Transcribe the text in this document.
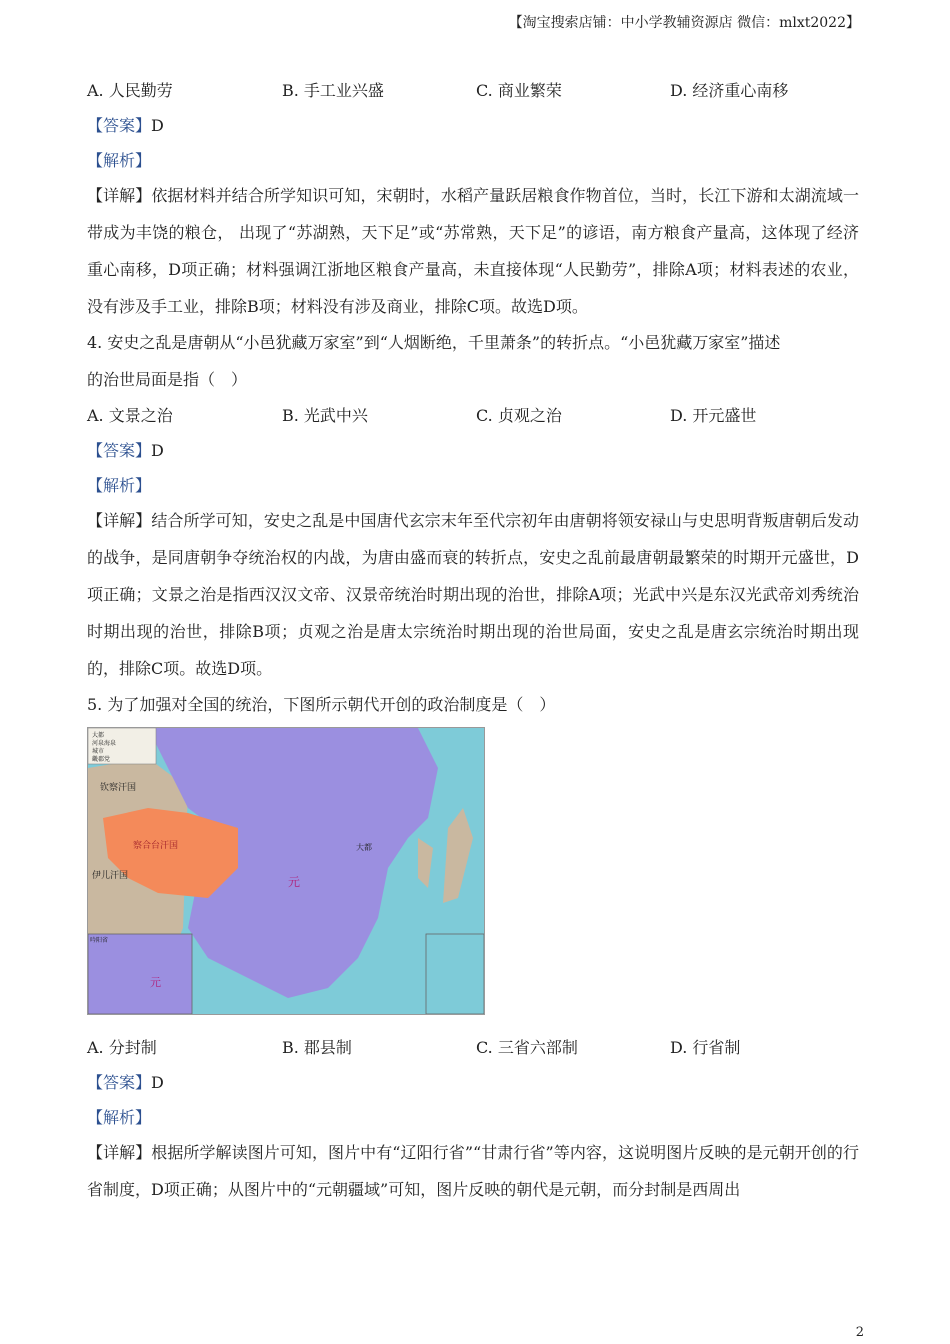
【淘宝搜索店铺：中小学教辅资源店 微信：mlxt2022】
A. 人民勤劳	B. 手工业兴盛	C. 商业繁荣	D. 经济重心南移
【答案】D
【解析】
【详解】依据材料并结合所学知识可知，宋朝时，水稻产量跃居粮食作物首位，当时，长江下游和太湖流域一带成为丰饶的粮仓， 出现了“苏湖熟，天下足”或“苏常熟，天下足”的谚语，南方粮食产量高，这体现了经济重心南移，D项正确；材料强调江浙地区粮食产量高，未直接体现“人民勤劳”，排除A项；材料表述的农业，没有涉及手工业，排除B项；材料没有涉及商业，排除C项。故选D项。
4. 安史之乱是唐朝从“小邑犹藏万家室”到“人烟断绝，千里萧条”的转折点。“小邑犹藏万家室”描述
的治世局面是指（　）
A. 文景之治	B. 光武中兴	C. 贞观之治	D. 开元盛世
【答案】D
【解析】
【详解】结合所学可知，安史之乱是中国唐代玄宗末年至代宗初年由唐朝将领安禄山与史思明背叛唐朝后发动的战争，是同唐朝争夺统治权的内战，为唐由盛而衰的转折点，安史之乱前最唐朝最繁荣的时期开元盛世，D项正确；文景之治是指西汉汉文帝、汉景帝统治时期出现的治世，排除A项；光武中兴是东汉光武帝刘秀统治时期出现的治世，排除B项；贞观之治是唐太宗统治时期出现的治世局面，安史之乱是唐玄宗统治时期出现的，排除C项。故选D项。
5. 为了加强对全国的统治，下图所示朝代开创的政治制度是（　）
A. 分封制	B. 郡县制	C. 三省六部制	D. 行省制
【答案】D
【解析】
【详解】根据所学解读图片可知，图片中有“辽阳行省”“甘肃行省”等内容，这说明图片反映的是元朝开创的行省制度，D项正确；从图片中的“元朝疆域”可知，图片反映的朝代是元朝，而分封制是西周出
大都
河泉海泉
城市
畿郡党
钦察汗国
察合台汗国
伊儿汗国	元
大都
吟阳省
元
2
